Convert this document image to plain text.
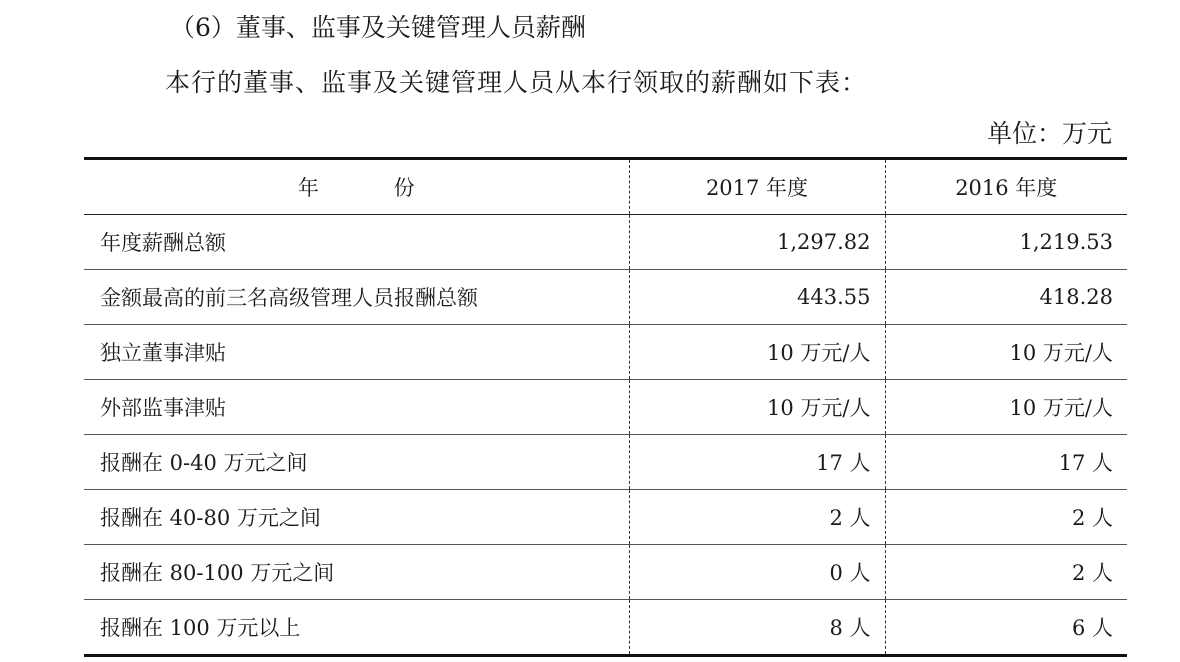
（6）董事、监事及关键管理人员薪酬
本行的董事、监事及关键管理人员从本行领取的薪酬如下表：
单位：万元
年 份	2017 年度	2016 年度
年度薪酬总额	1,297.82	1,219.53
金额最高的前三名高级管理人员报酬总额	443.55	418.28
独立董事津贴	10 万元/人	10 万元/人
外部监事津贴	10 万元/人	10 万元/人
报酬在 0-40 万元之间	17 人	17 人
报酬在 40-80 万元之间	2 人	2 人
报酬在 80-100 万元之间	0 人	2 人
报酬在 100 万元以上	8 人	6 人
